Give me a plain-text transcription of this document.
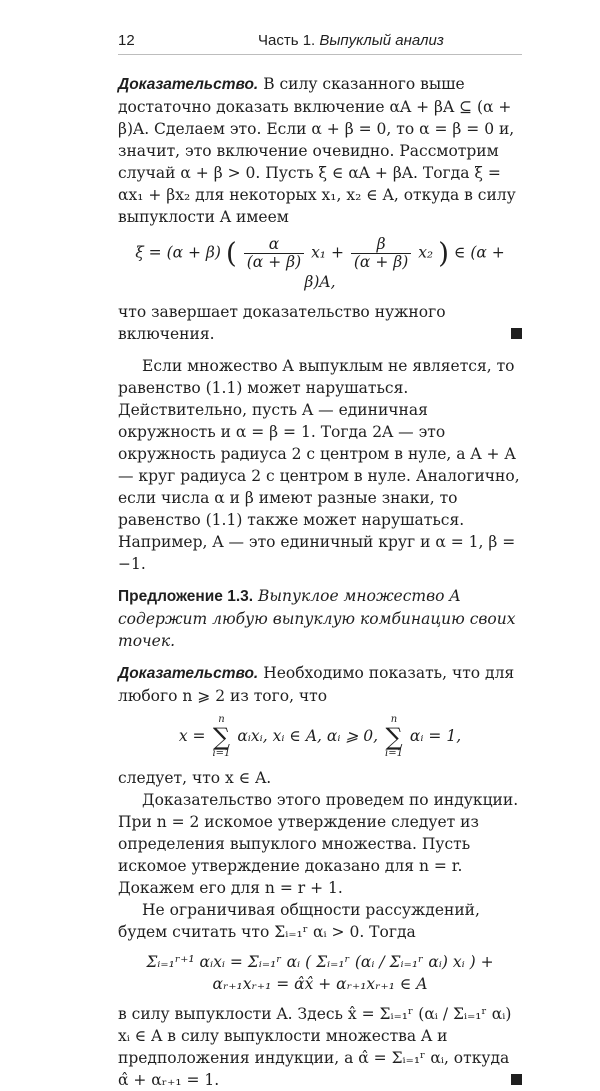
12	Часть 1. Выпуклый анализ

Доказательство. В силу сказанного выше достаточно доказать включение αA + βA ⊆ (α + β)A. Сделаем это. Если α + β = 0, то α = β = 0 и, значит, это включение очевидно. Рассмотрим случай α + β > 0. Пусть ξ ∈ αA + βA. Тогда ξ = αx₁ + βx₂ для некоторых x₁, x₂ ∈ A, откуда в силу выпуклости A имеем

ξ = (α + β) ( $\frac{\alpha}{(\alpha + \beta)} x_1 + \frac{\beta}{(\alpha + \beta)} x_2$ ) ∈ (α + β)A,

что завершает доказательство нужного включения.

Если множество A выпуклым не является, то равенство (1.1) может нарушаться. Действительно, пусть A — единичная окружность и α = β = 1. Тогда 2A — это окружность радиуса 2 с центром в нуле, а A + A — круг радиуса 2 с центром в нуле. Аналогично, если числа α и β имеют разные знаки, то равенство (1.1) также может нарушаться. Например, A — это единичный круг и α = 1, β = −1.

Предложение 1.3. Выпуклое множество A содержит любую выпуклую комбинацию своих точек.

Доказательство. Необходимо показать, что для любого n ⩾ 2 из того, что

x =
n
∑
i=1
αᵢxᵢ, xᵢ ∈ A, αᵢ ⩾ 0,
n
∑
i=1
αᵢ = 1,

следует, что x ∈ A.

Доказательство этого проведем по индукции. При n = 2 искомое утверждение следует из определения выпуклого множества. Пусть искомое утверждение доказано для n = r. Докажем его для n = r + 1.

Не ограничивая общности рассуждений, будем считать что Σᵢ₌₁ʳ αᵢ > 0. Тогда

Σᵢ₌₁ʳ⁺¹ αᵢxᵢ = Σᵢ₌₁ʳ αᵢ ( Σᵢ₌₁ʳ (αᵢ / Σᵢ₌₁ʳ αᵢ) xᵢ ) + αᵣ₊₁xᵣ₊₁ = α̂x̂ + αᵣ₊₁xᵣ₊₁ ∈ A

в силу выпуклости A. Здесь x̂ = Σᵢ₌₁ʳ (αᵢ / Σᵢ₌₁ʳ αᵢ) xᵢ ∈ A в силу выпуклости множества A и предположения индукции, а α̂ = Σᵢ₌₁ʳ αᵢ, откуда α̂ + αᵣ₊₁ = 1.
